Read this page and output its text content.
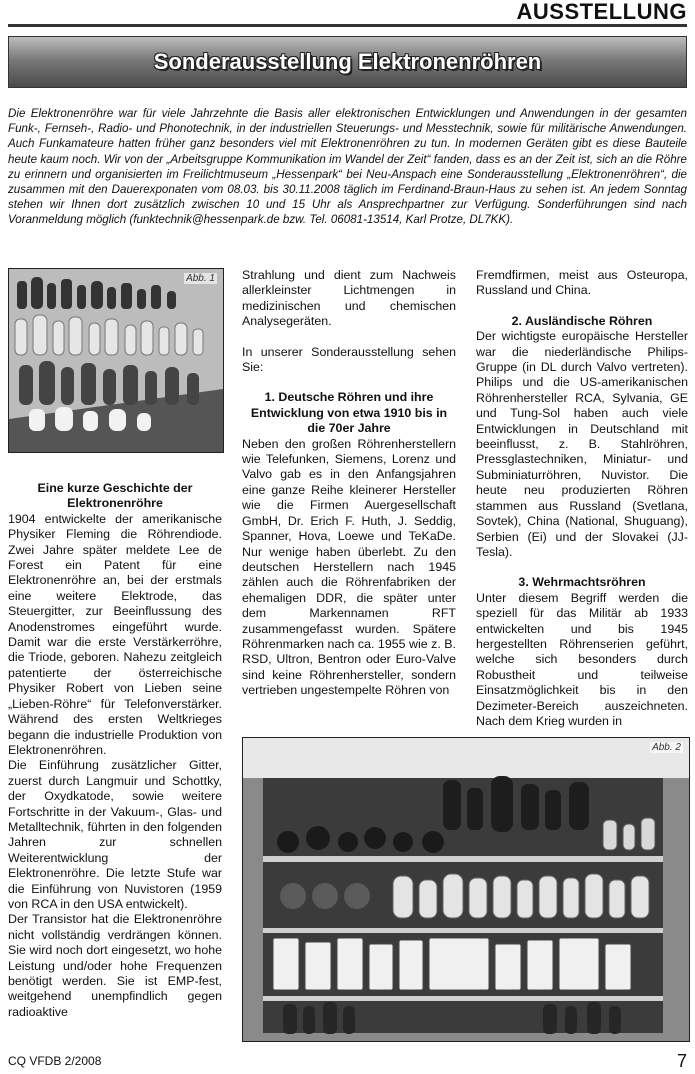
AUSSTELLUNG
Sonderausstellung Elektronenröhren
Die Elektronenröhre war für viele Jahrzehnte die Basis aller elektronischen Entwicklungen und Anwendungen in der gesamten Funk-, Fernseh-, Radio- und Phonotechnik, in der industriellen Steuerungs- und Messtechnik, sowie für militärische Anwendungen. Auch Funkamateure hatten früher ganz besonders viel mit Elektronenröhren zu tun. In modernen Geräten gibt es diese Bauteile heute kaum noch. Wir von der „Arbeitsgruppe Kommunikation im Wandel der Zeit“ fanden, dass es an der Zeit ist, sich an die Röhre zu erinnern und organisierten im Freilichtmuseum „Hessenpark“ bei Neu-Anspach eine Sonderausstellung „Elektronenröhren“, die zusammen mit den Dauerexponaten vom 08.03. bis 30.11.2008 täglich im Ferdinand-Braun-Haus zu sehen ist. An jedem Sonntag stehen wir Ihnen dort zusätzlich zwischen 10 und 15 Uhr als Ansprechpartner zur Verfügung. Sonderführungen sind nach Voranmeldung möglich (funktechnik@hessenpark.de bzw. Tel. 06081-13514, Karl Protze, DL7KK).
Abb. 1
Eine kurze Geschichte der Elektronenröhre

1904 entwickelte der amerikanische Physiker Fleming die Röhrendiode. Zwei Jahre später meldete Lee de Forest ein Patent für eine Elektronenröhre an, bei der erstmals eine weitere Elektrode, das Steuergitter, zur Beeinflussung des Anodenstromes eingeführt wurde. Damit war die erste Verstärkerröhre, die Triode, geboren. Nahezu zeitgleich patentierte der österreichische Physiker Robert von Lieben seine „Lieben-Röhre“ für Telefonverstärker. Während des ersten Weltkrieges begann die industrielle Produktion von Elektronenröhren.

Die Einführung zusätzlicher Gitter, zuerst durch Langmuir und Schottky, der Oxydkatode, sowie weitere Fortschritte in der Vakuum-, Glas- und Metalltechnik, führten in den folgenden Jahren zur schnellen Weiterentwicklung der Elektronenröhre. Die letzte Stufe war die Einführung von Nuvistoren (1959 von RCA in den USA entwickelt).

Der Transistor hat die Elektronenröhre nicht vollständig verdrängen können. Sie wird noch dort eingesetzt, wo hohe Leistung und/oder hohe Frequenzen benötigt werden. Sie ist EMP-fest, weitgehend unempfindlich gegen radioaktive

Strahlung und dient zum Nachweis allerkleinster Lichtmengen in medizinischen und chemischen Analysegeräten.

In unserer Sonderausstellung sehen Sie:

1. Deutsche Röhren und ihre Entwicklung von etwa 1910 bis in die 70er Jahre

Neben den großen Röhrenherstellern wie Telefunken, Siemens, Lorenz und Valvo gab es in den Anfangsjahren eine ganze Reihe kleinerer Hersteller wie die Firmen Auergesellschaft GmbH, Dr. Erich F. Huth, J. Seddig, Spanner, Hova, Loewe und TeKaDe. Nur wenige haben überlebt. Zu den deutschen Herstellern nach 1945 zählen auch die Röhrenfabriken der ehemaligen DDR, die später unter dem Markennamen RFT zusammengefasst wurden. Spätere Röhrenmarken nach ca. 1955 wie z. B. RSD, Ultron, Bentron oder Euro-Valve sind keine Röhrenhersteller, sondern vertrieben ungestempelte Röhren von

Fremdfirmen, meist aus Osteuropa, Russland und China.

2. Ausländische Röhren

Der wichtigste europäische Hersteller war die niederländische Philips-Gruppe (in DL durch Valvo vertreten). Philips und die US-amerikanischen Röhrenhersteller RCA, Sylvania, GE und Tung-Sol haben auch viele Entwicklungen in Deutschland mit beeinflusst, z. B. Stahlröhren, Pressglastechniken, Miniatur- und Subminiaturröhren, Nuvistor. Die heute neu produzierten Röhren stammen aus Russland (Svetlana, Sovtek), China (National, Shuguang), Serbien (Ei) und der Slovakei (JJ-Tesla).

3. Wehrmachtsröhren

Unter diesem Begriff werden die speziell für das Militär ab 1933 entwickelten und bis 1945 hergestellten Röhrenserien geführt, welche sich besonders durch Robustheit und teilweise Einsatzmöglichkeit bis in den Dezimeter-Bereich auszeichneten. Nach dem Krieg wurden in

Abb. 2
CQ VFDB 2/2008	7
